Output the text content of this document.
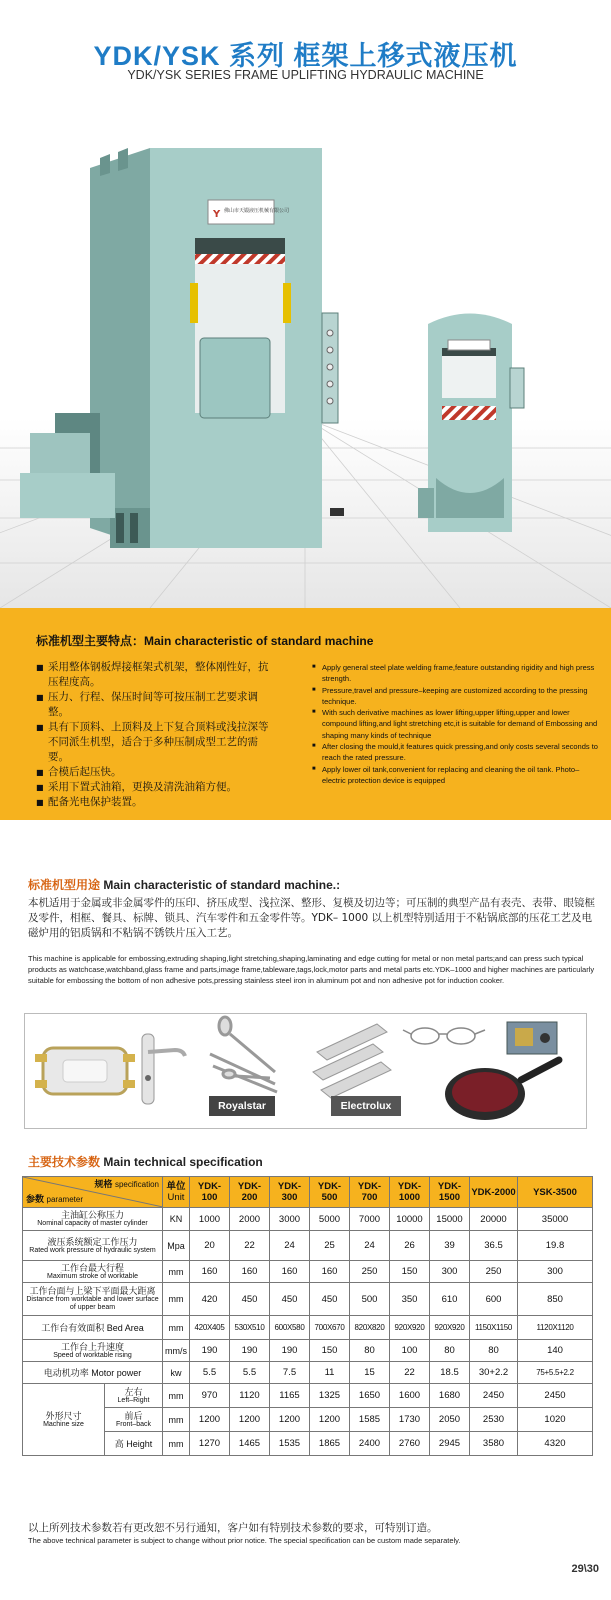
YDK/YSK 系列 框架上移式液压机
YDK/YSK SERIES FRAME UPLIFTING HYDRAULIC MACHINE
Y 佛山市天锻液压机械有限公司
标准机型主要特点：Main characteristic of standard machine
■ 采用整体钢板焊接框架式机架，整体刚性好，抗压程度高。
■ 压力、行程、保压时间等可按压制工艺要求调整。
■ 具有下顶料、上顶料及上下复合顶料或浅拉深等不同派生机型，适合于多种压制成型工艺的需要。
■ 合模后起压快。
■ 采用下置式油箱，更换及清洗油箱方便。
■ 配备光电保护装置。
■ Apply general steel plate welding frame,feature outstanding rigidity and high press strength.
■ Pressure,travel and pressure–keeping are customized according to the pressing technique.
■ With such derivative machines as lower lifting,upper lifting,upper and lower compound lifting,and light stretching etc,it is suitable for demand of Embossing and shaping many kinds of technique
■ After closing the mould,it features quick pressing,and only costs several seconds to reach the rated pressure.
■ Apply lower oil tank,convenient for replacing and cleaning the oil tank. Photo–electric protection device is equipped
标准机型用途 Main characteristic of standard machine.:
本机适用于金属或非金属零件的压印、挤压成型、浅拉深、整形、复模及切边等；可压制的典型产品有表壳、表带、眼镜框及零件，相框、餐具、标牌、锁具、汽车零件和五金零件等。YDK– 1000 以上机型特别适用于不粘锅底部的压花工艺及电磁炉用的铝质锅和不粘锅不锈铁片压入工艺。
This machine is applicable for embossing,extruding shaping,light stretching,shaping,laminating and edge cutting for metal or non metal parts;and can press such typical products as watchcase,watchband,glass frame and parts,image frame,tableware,tags,lock,motor parts and metal parts etc.YDK–1000 and higher machines are particularly suitable for embossing the bottom of non adhesive pots,pressing stainless steel iron in aluminum pot and non adhesive pot for induction cooker.
Royalstar	Electrolux
主要技术参数 Main technical specification
规格 specification
参数 parameter		单位
Unit	YDK-100	YDK-200	YDK-300	YDK-500	YDK-700	YDK-1000	YDK-1500	YDK-2000	YSK-3500
主油缸公称压力
Nominal capacity of master cylinder		KN	1000	2000	3000	5000	7000	10000	15000	20000	35000
液压系统额定工作压力
Rated work pressure of hydraulic system		Mpa	20	22	24	25	24	26	39	36.5	19.8
工作台最大行程
Maximum stroke of worktable		mm	160	160	160	160	250	150	300	250	300
工作台面与上梁下平面最大距离
Distance from worktable and lower surface of upper beam		mm	420	450	450	450	500	350	610	600	850
工作台有效面积 Bed Area		mm	420X405	530X510	600X580	700X670	820X820	920X920	920X920	1150X1150	1120X1120
工作台上升速度
Speed of worktable rising		mm/s	190	190	190	150	80	100	80	80	140
电动机功率 Motor power		kw	5.5	5.5	7.5	11	15	22	18.5	30+2.2	75+5.5+2.2
外形尺寸
Machine size	左右
Left–Right	mm	970	1120	1165	1325	1650	1600	1680	2450	2450
	前后
Front–back	mm	1200	1200	1200	1200	1585	1730	2050	2530	1020
	高 Height	mm	1270	1465	1535	1865	2400	2760	2945	3580	4320
以上所列技术参数若有更改恕不另行通知，客户如有特别技术参数的要求，可特别订造。
The above technical parameter is subject to change without prior notice. The special specification can be custom made separately.
29\30
